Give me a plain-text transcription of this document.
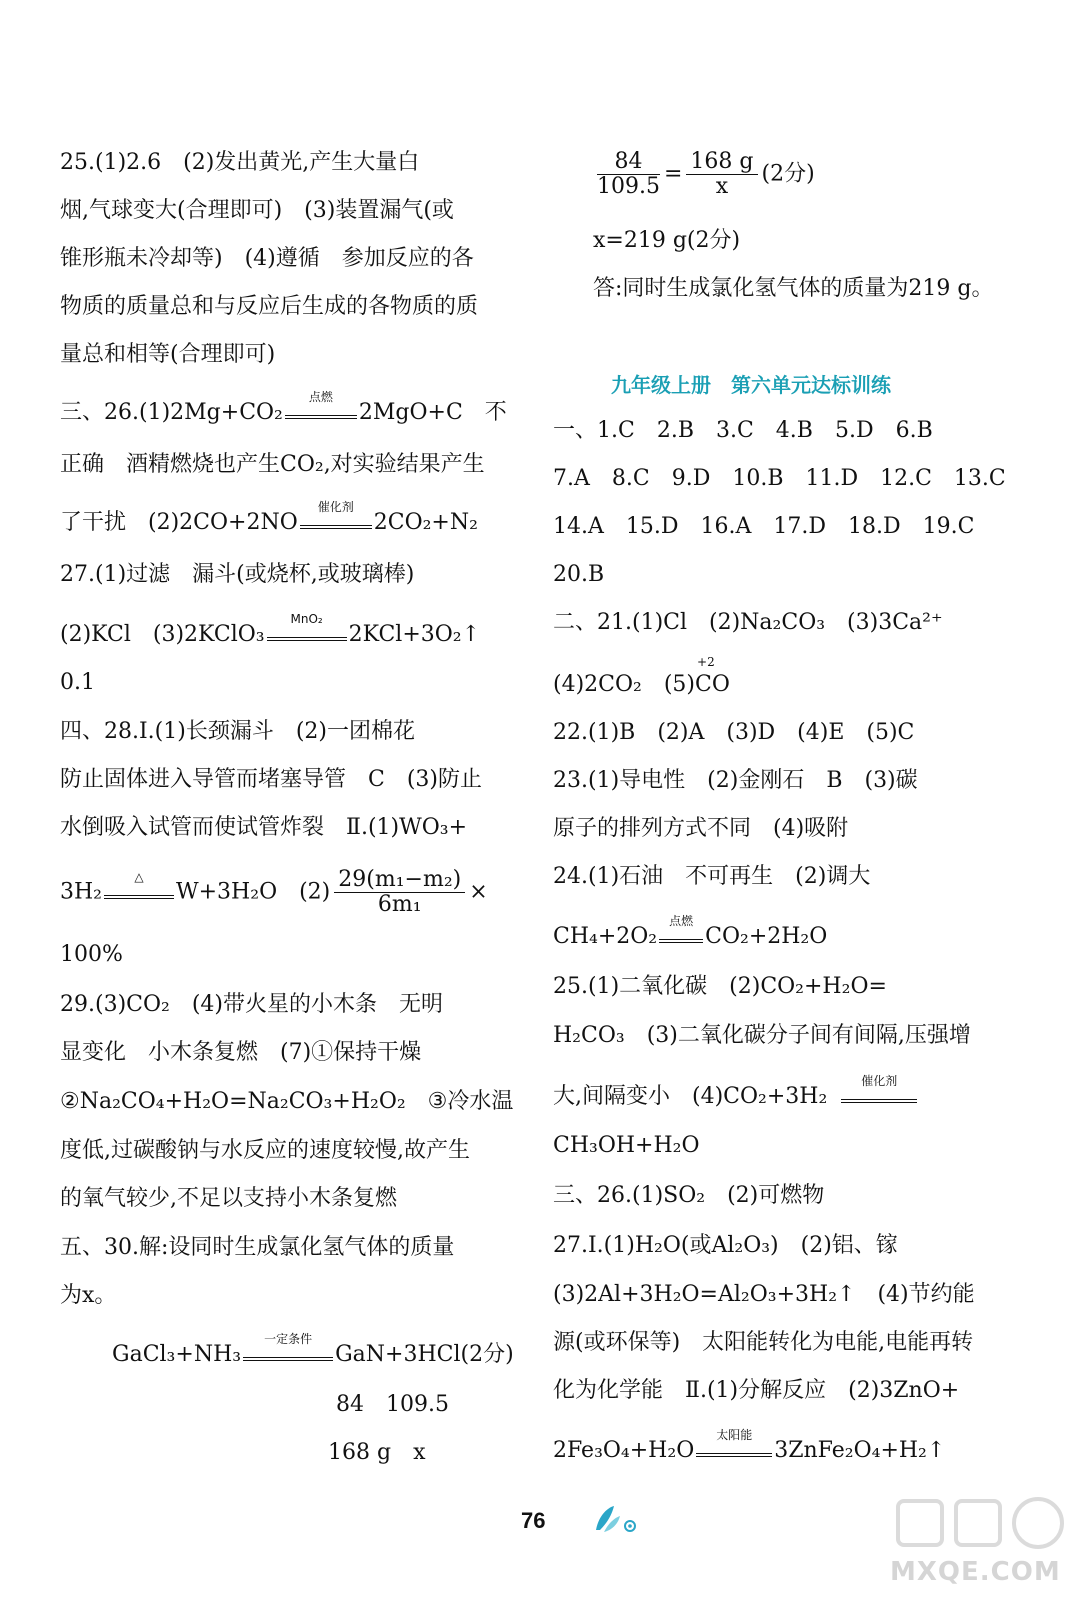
25.(1)2.6　(2)发出黄光,产生大量白
烟,气球变大(合理即可)　(3)装置漏气(或
锥形瓶未冷却等)　(4)遵循　参加反应的各
物质的质量总和与反应后生成的各物质的质
量总和相等(合理即可)
三、26.(1)2Mg+CO₂
点燃
2MgO+C　不
正确　酒精燃烧也产生CO₂,对实验结果产生
了干扰　(2)2CO+2NO
催化剂
2CO₂+N₂
27.(1)过滤　漏斗(或烧杯,或玻璃棒)
(2)KCl　(3)2KClO₃
MnO₂
2KCl+3O₂↑
0.1
四、28.Ⅰ.(1)长颈漏斗　(2)一团棉花
防止固体进入导管而堵塞导管　C　(3)防止
水倒吸入试管而使试管炸裂　Ⅱ.(1)WO₃+
3H₂
△
W+3H₂O　$(2) \frac{\text{29(m₁−m₂)}}{\text{6m₁}}$ ×
100%
29.(3)CO₂　(4)带火星的小木条　无明
显变化　小木条复燃　(7)①保持干燥
②Na₂CO₄+H₂O=Na₂CO₃+H₂O₂　③冷水温
度低,过碳酸钠与水反应的速度较慢,故产生
的氧气较少,不足以支持小木条复燃
五、30.解:设同时生成氯化氢气体的质量
为x。
GaCl₃+NH₃
一定条件
GaN+3HCl(2分)
84　109.5
168 g　x
$\frac{84}{109.5} = \frac{168 g}{x} (2$分)
x=219 g(2分)
答:同时生成氯化氢气体的质量为219 g。
九年级上册　第六单元达标训练
一、1.C　2.B　3.C　4.B　5.D　6.B
7.A　8.C　9.D　10.B　11.D　12.C　13.C
14.A　15.D　16.A　17.D　18.D　19.C
20.B
二、21.(1)Cl　(2)Na₂CO₃　(3)3Ca²⁺
(4)2CO₂　(5)
+2
CO
22.(1)B　(2)A　(3)D　(4)E　(5)C
23.(1)导电性　(2)金刚石　B　(3)碳
原子的排列方式不同　(4)吸附
24.(1)石油　不可再生　(2)调大
CH₄+2O₂
点燃
CO₂+2H₂O
25.(1)二氧化碳　(2)CO₂+H₂O=
H₂CO₃　(3)二氧化碳分子间有间隔,压强增
大,间隔变小　(4)CO₂+3H₂
催化剂
CH₃OH+H₂O
三、26.(1)SO₂　(2)可燃物
27.Ⅰ.(1)H₂O(或Al₂O₃)　(2)铝、镓
(3)2Al+3H₂O=Al₂O₃+3H₂↑　(4)节约能
源(或环保等)　太阳能转化为电能,电能再转
化为化学能　Ⅱ.(1)分解反应　(2)3ZnO+
2Fe₃O₄+H₂O
太阳能
3ZnFe₂O₄+H₂↑
76
MXQE.COM
